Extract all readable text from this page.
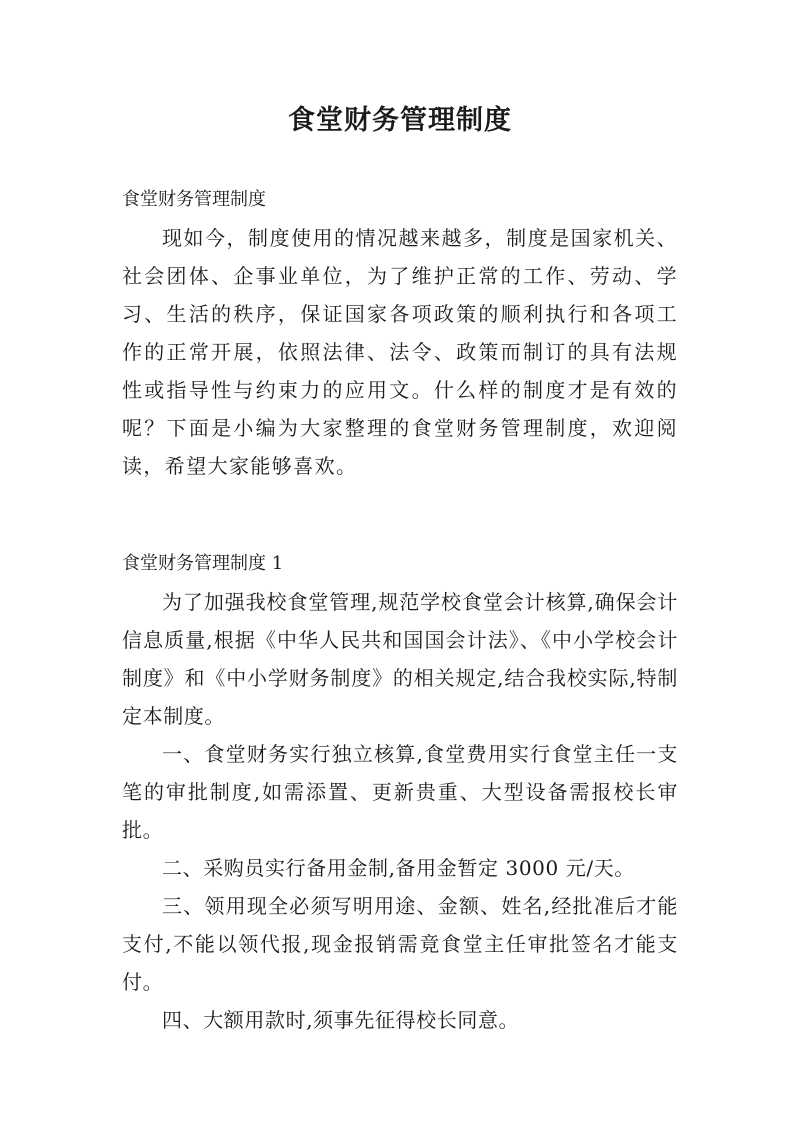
食堂财务管理制度

食堂财务管理制度

现如今，制度使用的情况越来越多，制度是国家机关、社会团体、企事业单位，为了维护正常的工作、劳动、学习、生活的秩序，保证国家各项政策的顺利执行和各项工作的正常开展，依照法律、法令、政策而制订的具有法规性或指导性与约束力的应用文。什么样的制度才是有效的呢？下面是小编为大家整理的食堂财务管理制度，欢迎阅读，希望大家能够喜欢。

食堂财务管理制度 1

为了加强我校食堂管理,规范学校食堂会计核算,确保会计信息质量,根据《中华人民共和国国会计法》、《中小学校会计制度》和《中小学财务制度》的相关规定,结合我校实际,特制定本制度。

一、食堂财务实行独立核算,食堂费用实行食堂主任一支笔的审批制度,如需添置、更新贵重、大型设备需报校长审批。

二、采购员实行备用金制,备用金暂定 3000 元/天。

三、领用现全必须写明用途、金额、姓名,经批准后才能支付,不能以领代报,现金报销需竟食堂主任审批签名才能支付。

四、大额用款时,须事先征得校长同意。
